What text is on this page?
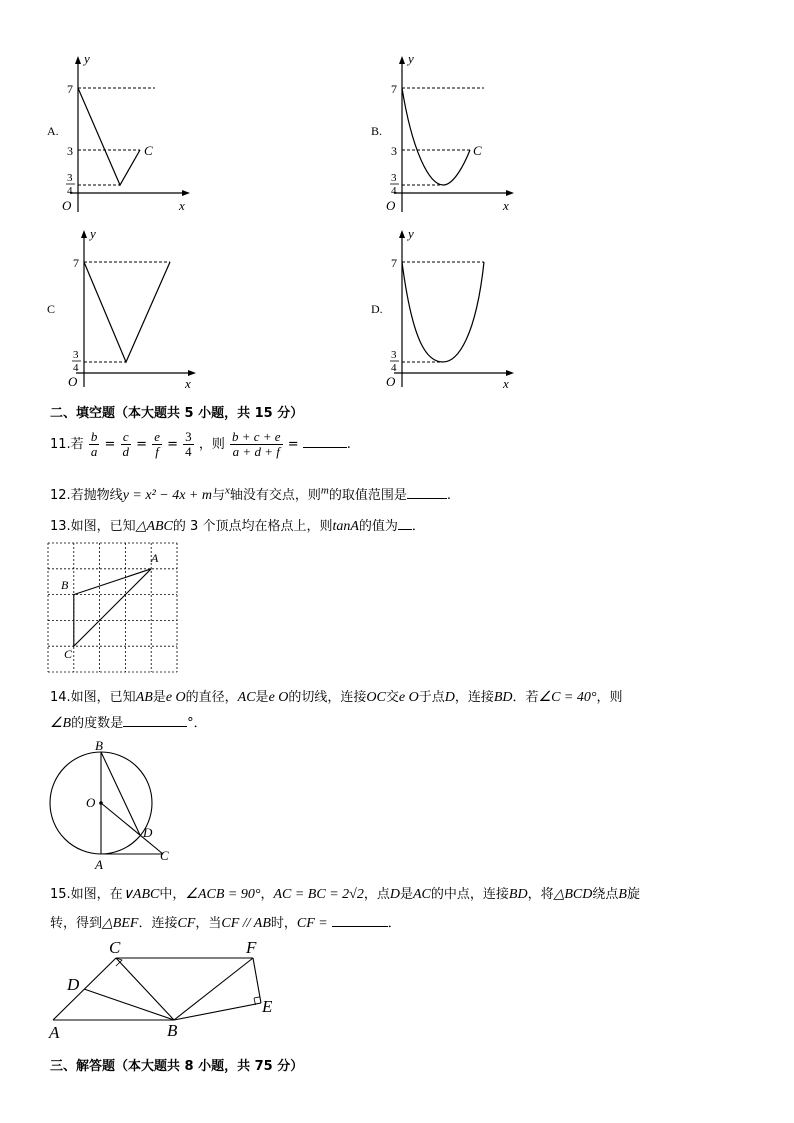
A.	B.
C	D.
y
x
O
7
3
3
4
C
y
x
O
7
3
3
4
C
y
x
O
7
3
4
y
x
O
7
3
4
二、填空题（本大题共 5 小题，共 15 分）
11.若 $\frac{b}{a} = \frac{c}{d} = \frac{e}{f} = \frac{3}{4}$ ，则 $\frac{b + c + e}{a + d + f}$ =	.
12.若抛物线y = x² − 4x + m与$^x$轴没有交点，则$^m$的取值范围是	.
13.如图，已知△ABC的 3 个顶点均在格点上，则tanA的值为 ．
A
B
C
14.如图，已知AB是e O的直径，AC是e O的切线，连接OC交e O于点D，连接BD．若∠C = 40°，则
∠B的度数是	°．
B
O
D
A
C
15.如图，在∨ABC中，∠ACB = 90°，AC = BC = 2√2，点D是AC的中点，连接BD，将△BCD绕点B旋
转，得到△BEF．连接CF，当CF // AB时，CF =	．
C	F
D
E
A	B
三、解答题（本大题共 8 小题，共 75 分）
